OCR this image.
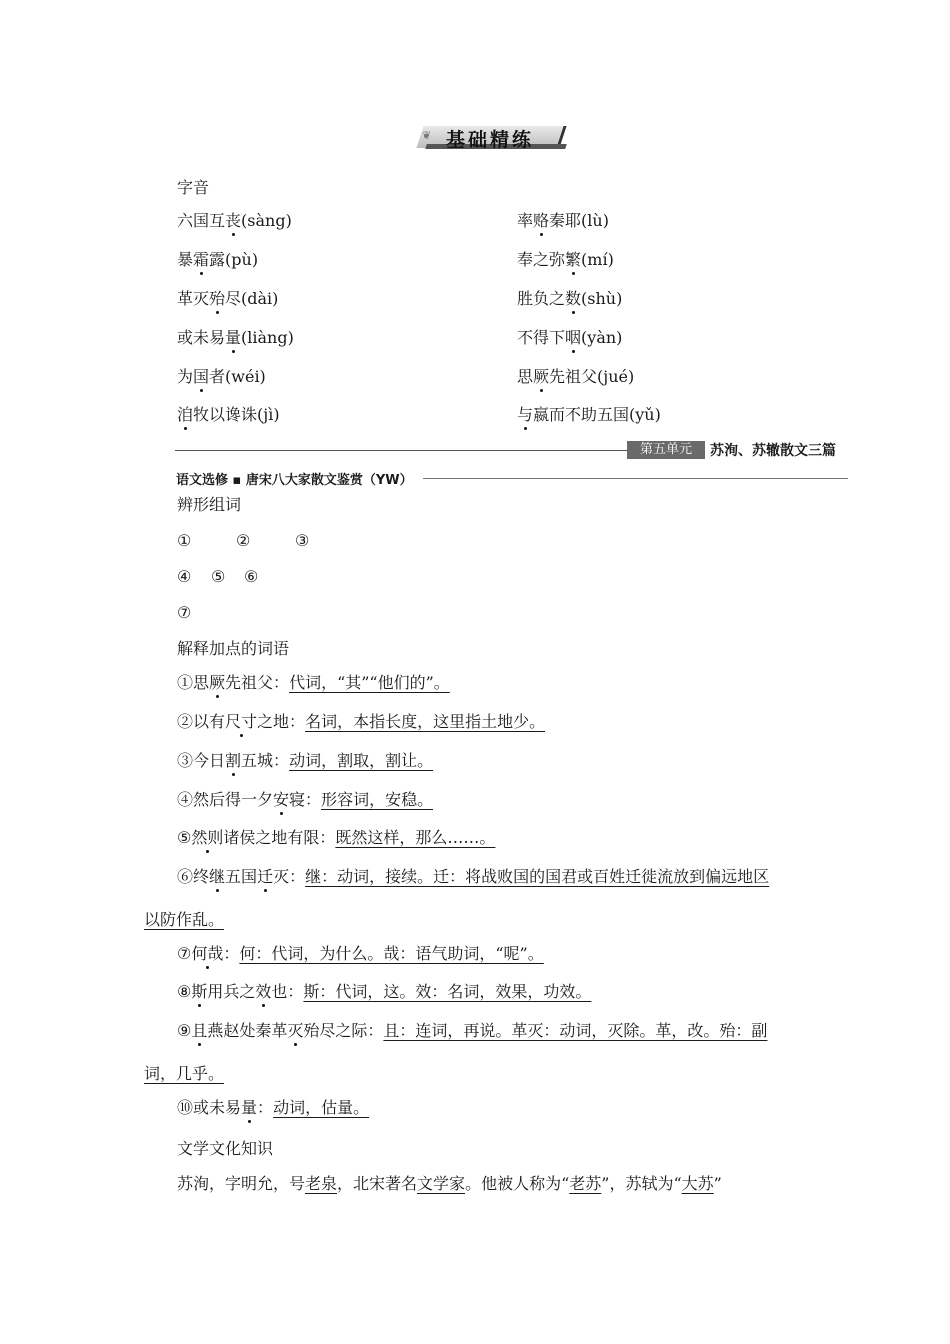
❦ 基础精练
字音
六国互丧(sàng)	率赂秦耶(lù)
暴霜露(pù)	奉之弥繁(mí)
革灭殆尽(dài)	胜负之数(shù)
或未易量(liàng)	不得下咽(yàn)
为国者(wéi)	思厥先祖父(jué)
洎牧以谗诛(jì)	与嬴而不助五国(yǔ)
第五单元	苏洵、苏辙散文三篇
语文选修 ▪ 唐宋八大家散文鉴赏（YW）
辨形组词
①	②	③
④ ⑤ ⑥
⑦
解释加点的词语
①思厥先祖父：代词，“其”“他们的”。
②以有尺寸之地：名词，本指长度，这里指土地少。
③今日割五城：动词，割取，割让。
④然后得一夕安寝：形容词，安稳。
⑤然则诸侯之地有限：既然这样，那么……。
⑥终继五国迁灭：继：动词，接续。迁：将战败国的国君或百姓迁徙流放到偏远地区
以防作乱。
⑦何哉：何：代词，为什么。哉：语气助词，“呢”。
⑧斯用兵之效也：斯：代词，这。效：名词，效果，功效。
⑨且燕赵处秦革灭殆尽之际：且：连词，再说。革灭：动词，灭除。革，改。殆：副
词，几乎。
⑩或未易量：动词，估量。
文学文化知识
苏洵，字明允，号老泉，北宋著名文学家。他被人称为“老苏”，苏轼为“大苏”
